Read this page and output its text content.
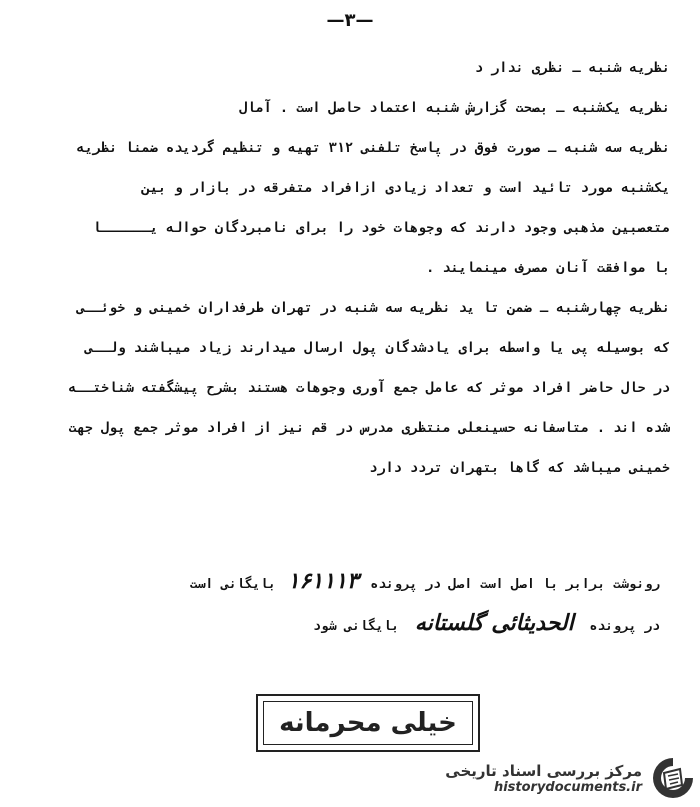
—٣—
نظریه شنبه ـ نظری ندار د
نظریه یکشنبه ـ بصحت گزارش شنبه اعتماد حاصل است . آمال
نظریه سه شنبه ـ صورت فوق در پاسخ تلفنی ۳۱۲ تهیه و تنظیم گردیده ضمنا نظریه
یکشنبه مورد تائید است و تعداد زیادی ازافراد متفرقه در بازار و بین
متعصبین مذهبی وجود دارند که وجوهات خود را برای نامبردگان حواله یــــــا
با موافقت آنان مصرف مینمایند .
نظریه چهارشنبه ـ ضمن تا ید نظریه سه شنبه در تهران طرفداران خمینی و خوئــی
که بوسیله پی یا واسطه برای یادشدگان پول ارسال میدارند زیاد میباشند ولــی
در حال حاضر افراد موثر که عامل جمع آوری وجوهات هستند بشرح پیشگفته شناختــه
شده اند . متاسفانه حسینعلی منتظری مدرس در قم نیز از افراد موثر جمع پول جهت
خمینی میباشد که گاها بتهران تردد دارد
رونوشت برابر با اصل است اصل در پرونده ۱۶۱۱۱۳ بایگانی است
در پرونده الحدیثائی گلستانه بایگانی شود
خیلی محرمانه
مرکز بررسی اسناد تاریخی
historydocuments.ir
